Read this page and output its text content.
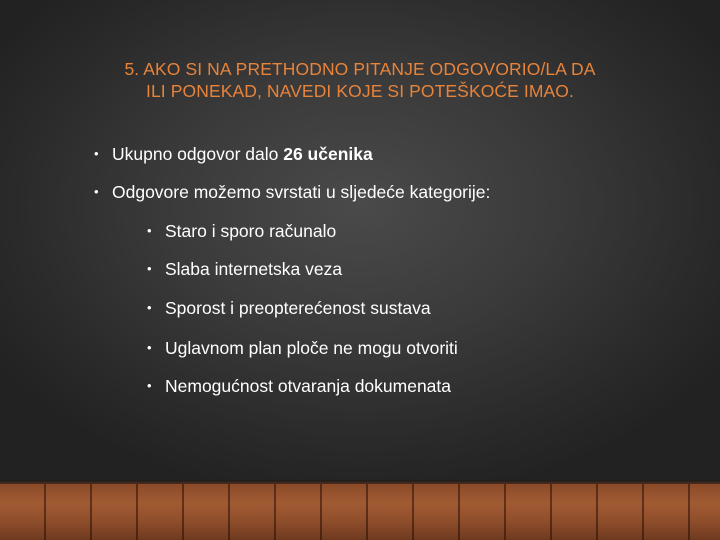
5. AKO SI NA PRETHODNO PITANJE ODGOVORIO/LA DA
ILI PONEKAD, NAVEDI KOJE SI POTEŠKOĆE IMAO.
• Ukupno odgovor dalo 26 učenika
• Odgovore možemo svrstati u sljedeće kategorije:
• Staro i sporo računalo
• Slaba internetska veza
• Sporost i preopterećenost sustava
• Uglavnom plan ploče ne mogu otvoriti
• Nemogućnost otvaranja dokumenata
